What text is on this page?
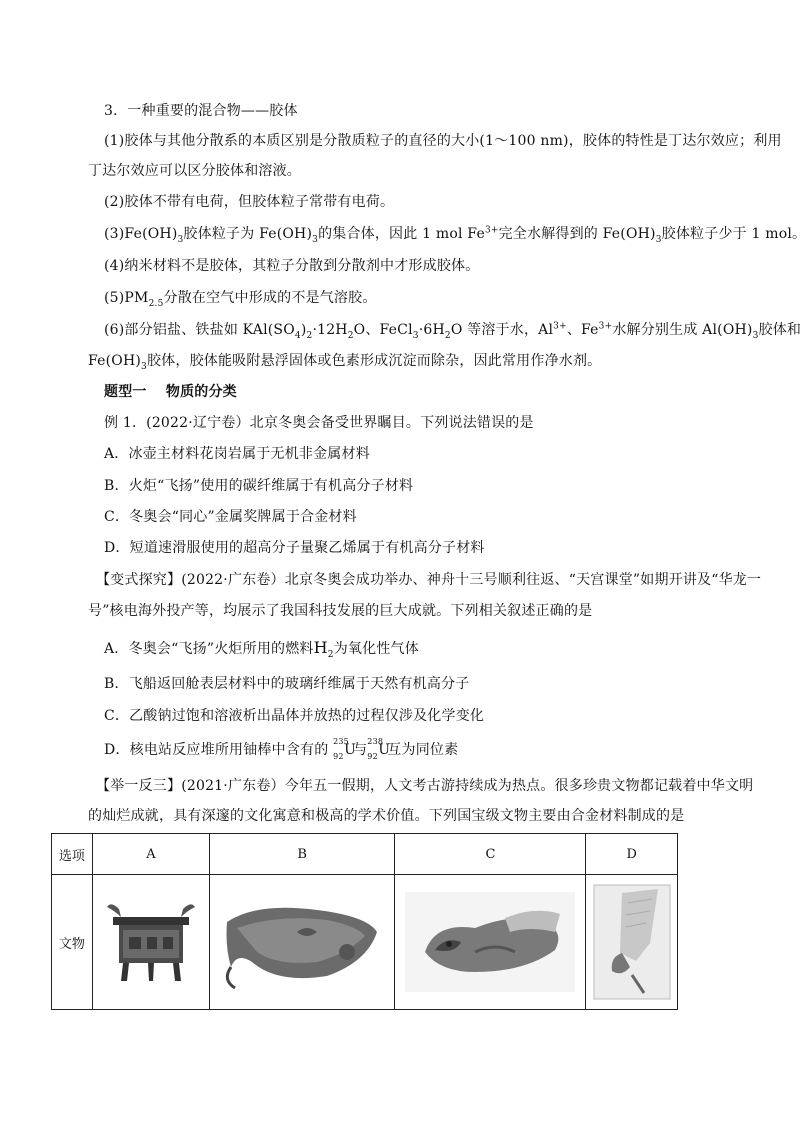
3．一种重要的混合物——胶体
(1)胶体与其他分散系的本质区别是分散质粒子的直径的大小(1～100 nm)，胶体的特性是丁达尔效应；利用
丁达尔效应可以区分胶体和溶液。
(2)胶体不带有电荷，但胶体粒子常带有电荷。
$(3)Fe(OH)_3$胶体粒子为 $Fe(OH)_3$的集合体，因此 1 mol $Fe^{3+}$完全水解得到的 $Fe(OH)_3$胶体粒子少于 1 mol。
(4)纳米材料不是胶体，其粒子分散到分散剂中才形成胶体。
$(5)PM_{2.5}$分散在空气中形成的不是气溶胶。
(6)部分铝盐、铁盐如 $KAl(SO_4)_2\cdot 12H_2O$、$FeCl_3\cdot 6H_2O$ 等溶于水，$Al^{3+}$、$Fe^{3+}$水解分别生成 $Al(OH)_3$胶体和
$Fe(OH)_3$胶体，胶体能吸附悬浮固体或色素形成沉淀而除杂，因此常用作净水剂。
题型一　 物质的分类
例 1．(2022·辽宁卷）北京冬奥会备受世界瞩目。下列说法错误的是
A．冰壶主材料花岗岩属于无机非金属材料
B．火炬“飞扬”使用的碳纤维属于有机高分子材料
C．冬奥会“同心”金属奖牌属于合金材料
D．短道速滑服使用的超高分子量聚乙烯属于有机高分子材料
【变式探究】(2022·广东卷）北京冬奥会成功举办、神舟十三号顺利往返、“天宫课堂”如期开讲及“华龙一
号”核电海外投产等，均展示了我国科技发展的巨大成就。下列相关叙述正确的是
A．冬奥会“飞扬”火炬所用的燃料$H_2$为氧化性气体
B．飞船返回舱表层材料中的玻璃纤维属于天然有机高分子
C．乙酸钠过饱和溶液析出晶体并放热的过程仅涉及化学变化
D．核电站反应堆所用铀棒中含有的
235
92 U
与
238
92 U
互为同位素
【举一反三】(2021·广东卷）今年五一假期，人文考古游持续成为热点。很多珍贵文物都记载着中华文明
的灿烂成就，具有深邃的文化寓意和极高的学术价值。下列国宝级文物主要由合金材料制成的是
选项	A	B	C	D
文物	
